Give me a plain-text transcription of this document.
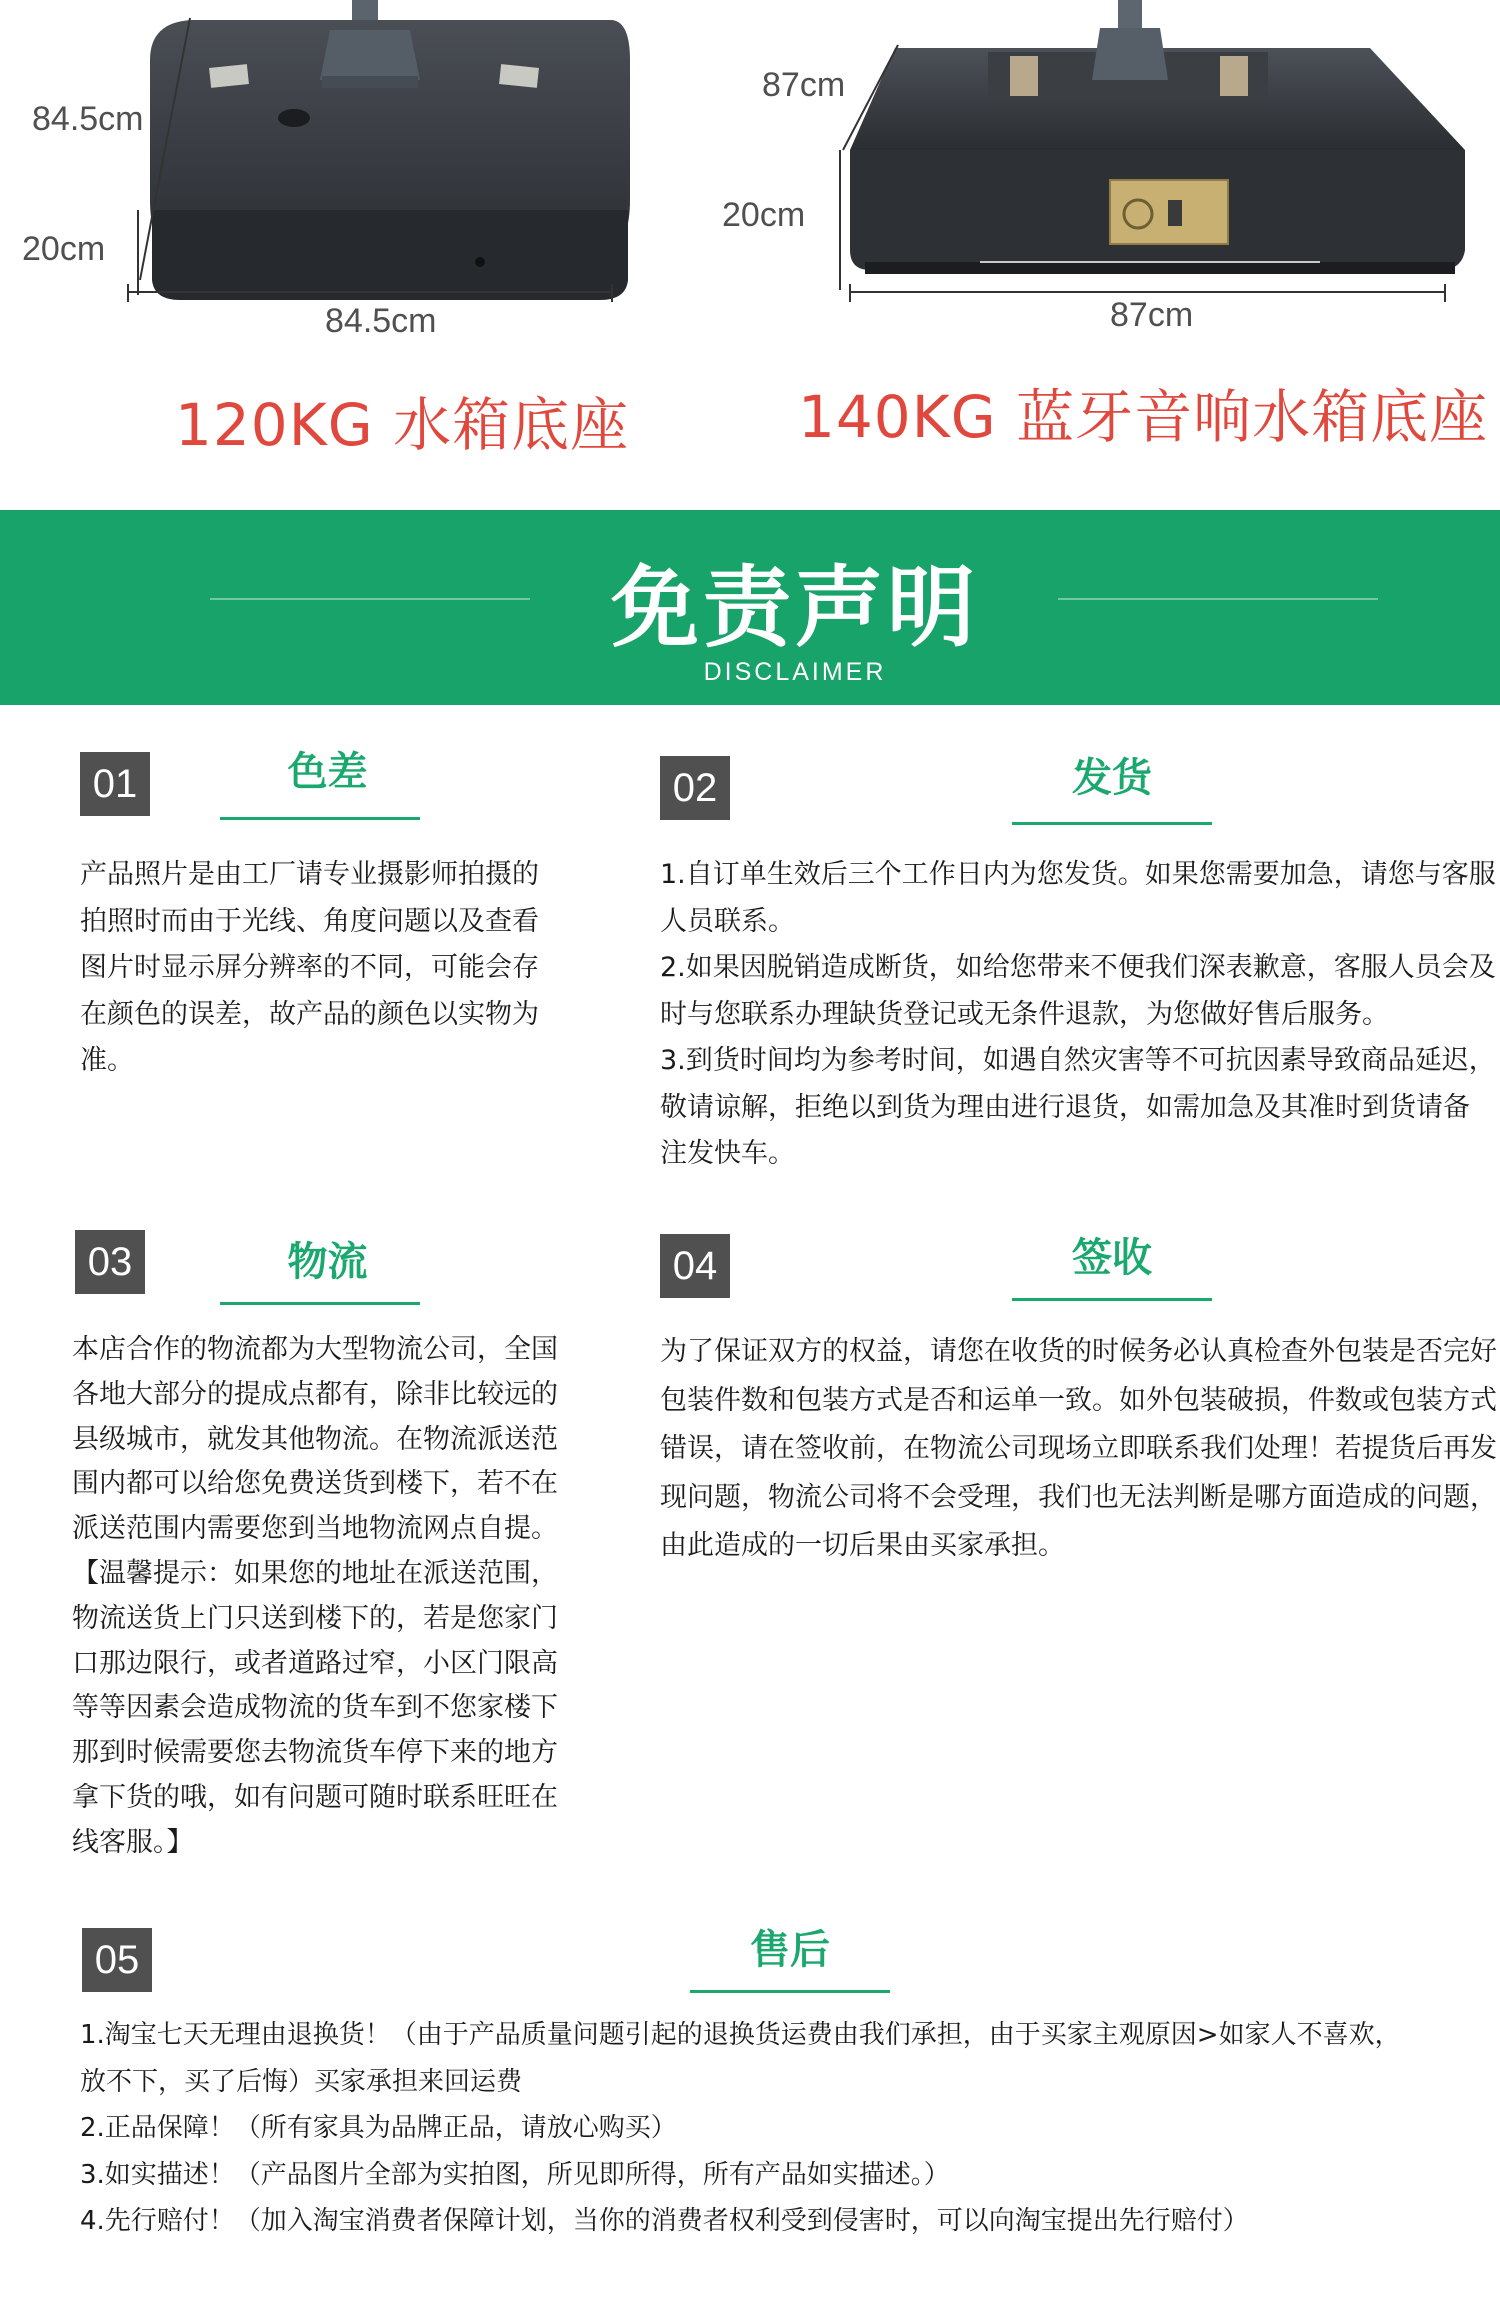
84.5cm
20cm
84.5cm
120KG 水箱底座
87cm
20cm
87cm
140KG 蓝牙音响水箱底座
免责声明
DISCLAIMER
01	色差

产品照片是由工厂请专业摄影师拍摄的

拍照时而由于光线、角度问题以及查看

图片时显示屏分辨率的不同，可能会存

在颜色的误差，故产品的颜色以实物为

准。

02	发货

1.自订单生效后三个工作日内为您发货。如果您需要加急，请您与客服

人员联系。

2.如果因脱销造成断货，如给您带来不便我们深表歉意，客服人员会及

时与您联系办理缺货登记或无条件退款，为您做好售后服务。

3.到货时间均为参考时间，如遇自然灾害等不可抗因素导致商品延迟，

敬请谅解，拒绝以到货为理由进行退货，如需加急及其准时到货请备

注发快车。

03	物流

本店合作的物流都为大型物流公司，全国

各地大部分的提成点都有，除非比较远的

县级城市，就发其他物流。在物流派送范

围内都可以给您免费送货到楼下，若不在

派送范围内需要您到当地物流网点自提。

【温馨提示：如果您的地址在派送范围，

物流送货上门只送到楼下的，若是您家门

口那边限行，或者道路过窄，小区门限高

等等因素会造成物流的货车到不您家楼下

那到时候需要您去物流货车停下来的地方

拿下货的哦，如有问题可随时联系旺旺在

线客服。】

04	签收

为了保证双方的权益，请您在收货的时候务必认真检查外包装是否完好

包装件数和包装方式是否和运单一致。如外包装破损，件数或包装方式

错误，请在签收前，在物流公司现场立即联系我们处理！若提货后再发

现问题，物流公司将不会受理，我们也无法判断是哪方面造成的问题，

由此造成的一切后果由买家承担。

05	售后

1.淘宝七天无理由退换货！（由于产品质量问题引起的退换货运费由我们承担，由于买家主观原因>如家人不喜欢，

放不下，买了后悔）买家承担来回运费

2.正品保障！（所有家具为品牌正品，请放心购买）

3.如实描述！（产品图片全部为实拍图，所见即所得，所有产品如实描述。）

4.先行赔付！（加入淘宝消费者保障计划，当你的消费者权利受到侵害时，可以向淘宝提出先行赔付）
